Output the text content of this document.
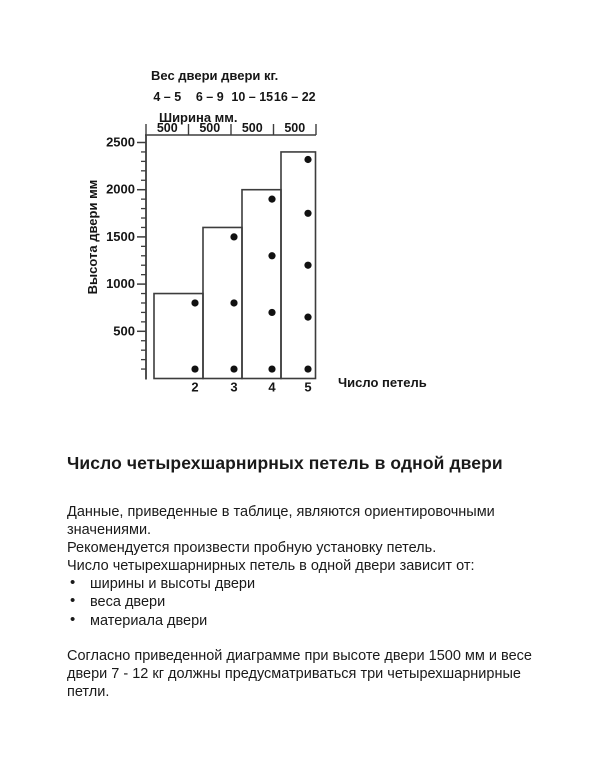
Вес двери двери кг.
4 – 5 6 – 9 10 – 15 16 – 22
Ширина мм.
500 500 500 500
500
1000
1500
2000
2500
2 3 4 5 Число петель
Высота двери мм
Число четырехшарнирных петель в одной двери
Данные, приведенные в таблице, являются ориентировочными
значениями.
Рекомендуется произвести пробную установку петель.
Число четырехшарнирных петель в одной двери зависит от:
• ширины и высоты двери
• веса двери
• материала двери
Согласно приведенной диаграмме при высоте двери 1500 мм и весе
двери 7 - 12 кг должны предусматриваться три четырехшарнирные
петли.
